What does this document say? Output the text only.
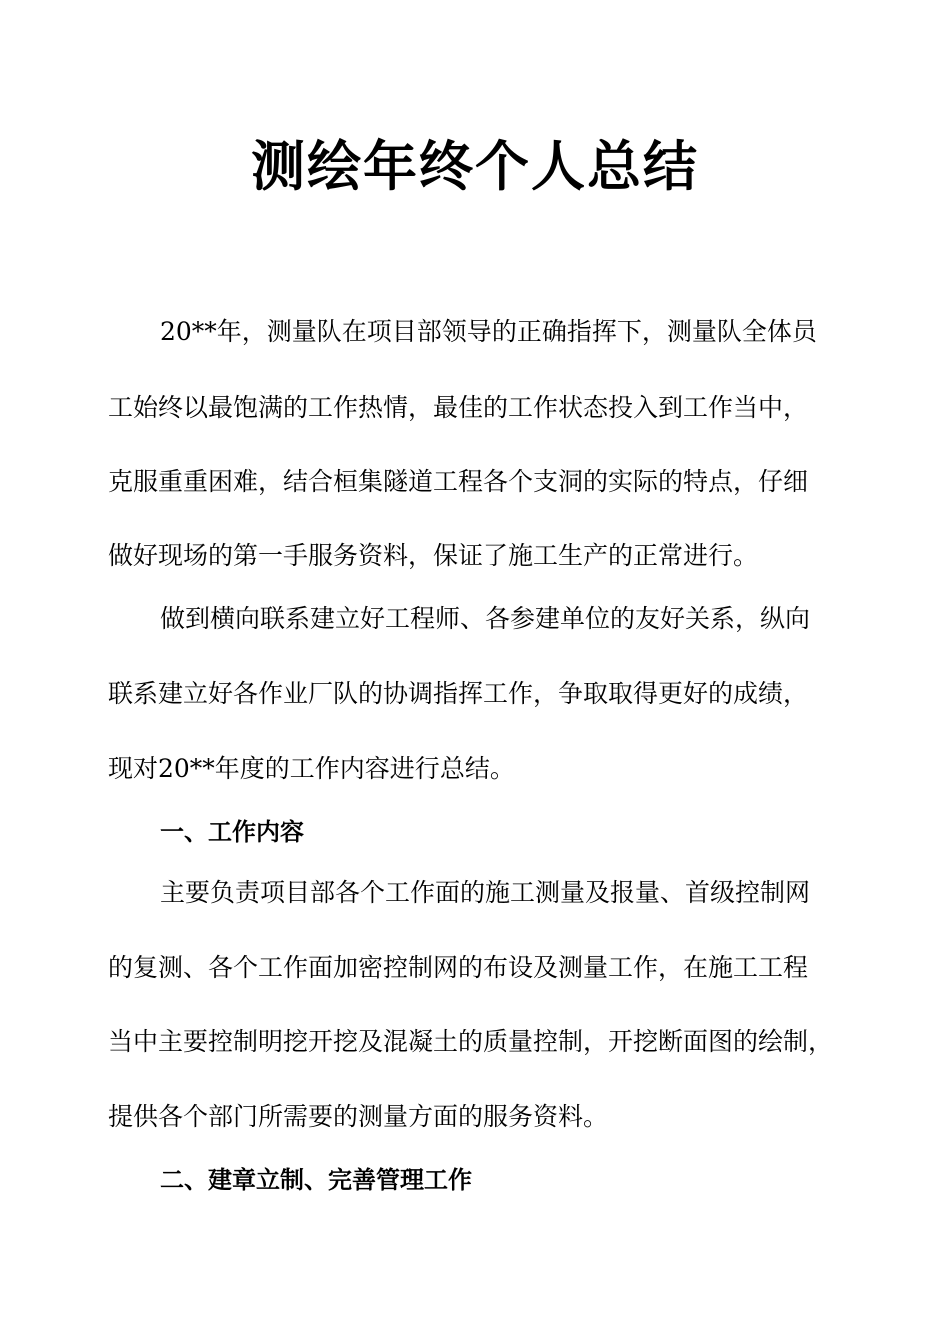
测绘年终个人总结

20**年，测量队在项目部领导的正确指挥下，测量队全体员

工始终以最饱满的工作热情，最佳的工作状态投入到工作当中，

克服重重困难，结合桓集隧道工程各个支洞的实际的特点，仔细

做好现场的第一手服务资料，保证了施工生产的正常进行。

做到横向联系建立好工程师、各参建单位的友好关系，纵向

联系建立好各作业厂队的协调指挥工作，争取取得更好的成绩，

现对20**年度的工作内容进行总结。

一、工作内容

主要负责项目部各个工作面的施工测量及报量、首级控制网

的复测、各个工作面加密控制网的布设及测量工作，在施工工程

当中主要控制明挖开挖及混凝土的质量控制，开挖断面图的绘制，

提供各个部门所需要的测量方面的服务资料。

二、建章立制、完善管理工作
